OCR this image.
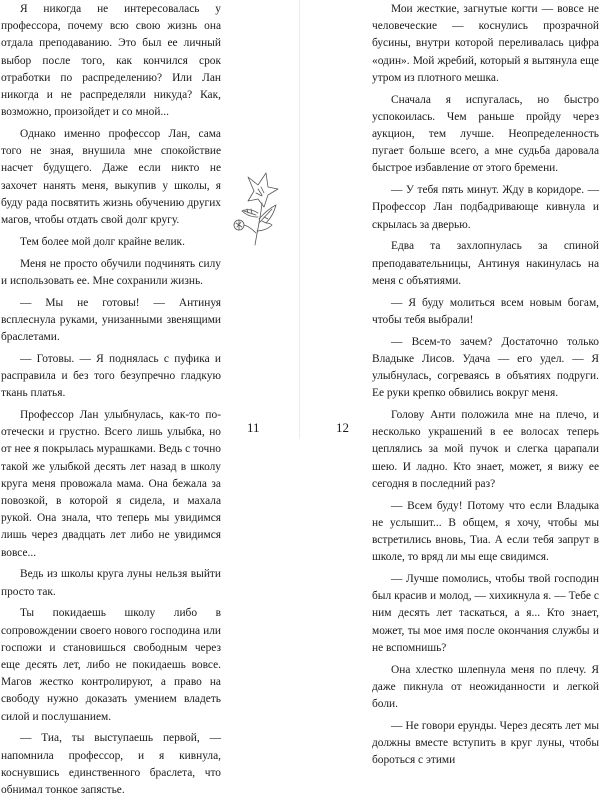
Я никогда не интересовалась у профессора, почему всю свою жизнь она отдала преподаванию. Это был ее личный выбор после того, как кончился срок отработки по распределению? Или Лан никогда и не распределяли никуда? Как, возможно, произойдет и со мной...

Однако именно профессор Лан, сама того не зная, внушила мне спокойствие насчет будущего. Даже если никто не захочет нанять меня, выкупив у школы, я буду рада посвятить жизнь обучению других магов, чтобы отдать свой долг кругу.

Тем более мой долг крайне велик.

Меня не просто обучили подчинять силу и использовать ее. Мне сохранили жизнь.

— Мы не готовы! — Антинуя всплеснула руками, унизанными звенящими браслетами.

— Готовы. — Я поднялась с пуфика и расправила и без того безупречно гладкую ткань платья.

Профессор Лан улыбнулась, как-то по-отечески и грустно. Всего лишь улыбка, но от нее я покрылась мурашками. Ведь с точно такой же улыбкой десять лет назад в школу круга меня провожала мама. Она бежала за повозкой, в которой я сидела, и махала рукой. Она знала, что теперь мы увидимся лишь через двадцать лет либо не увидимся вовсе...

Ведь из школы круга луны нельзя выйти просто так.

Ты покидаешь школу либо в сопровождении своего нового господина или госпожи и становишься свободным через еще десять лет, либо не покидаешь вовсе. Магов жестко контролируют, а право на свободу нужно доказать умением владеть силой и послушанием.

— Тиа, ты выступаешь первой, — напомнила профессор, и я кивнула, коснувшись единственного браслета, что обнимал тонкое запястье.

11

Мои жесткие, загнутые когти — вовсе не человеческие — коснулись прозрачной бусины, внутри которой переливалась цифра «один». Мой жребий, который я вытянула еще утром из плотного мешка.

Сначала я испугалась, но быстро успокоилась. Чем раньше пройду через аукцион, тем лучше. Неопределенность пугает больше всего, а мне судьба даровала быстрое избавление от этого бремени.

— У тебя пять минут. Жду в коридоре. — Профессор Лан подбадривающе кивнула и скрылась за дверью.

Едва та захлопнулась за спиной преподавательницы, Антинуя накинулась на меня с объятиями.

— Я буду молиться всем новым богам, чтобы тебя выбрали!

— Всем-то зачем? Достаточно только Владыке Лисов. Удача — его удел. — Я улыбнулась, согреваясь в объятиях подруги. Ее руки крепко обвились вокруг меня.

Голову Анти положила мне на плечо, и несколько украшений в ее волосах теперь цеплялись за мой пучок и слегка царапали шею. И ладно. Кто знает, может, я вижу ее сегодня в последний раз?

— Всем буду! Потому что если Владыка не услышит... В общем, я хочу, чтобы мы встретились вновь, Тиа. А если тебя запрут в школе, то вряд ли мы еще свидимся.

— Лучше помолись, чтобы твой господин был красив и молод, — хихикнула я. — Тебе с ним десять лет таскаться, а я... Кто знает, может, ты мое имя после окончания службы и не вспомнишь?

Она хлестко шлепнула меня по плечу. Я даже пикнула от неожиданности и легкой боли.

— Не говори ерунды. Через десять лет мы должны вместе вступить в круг луны, чтобы бороться с этими

12
